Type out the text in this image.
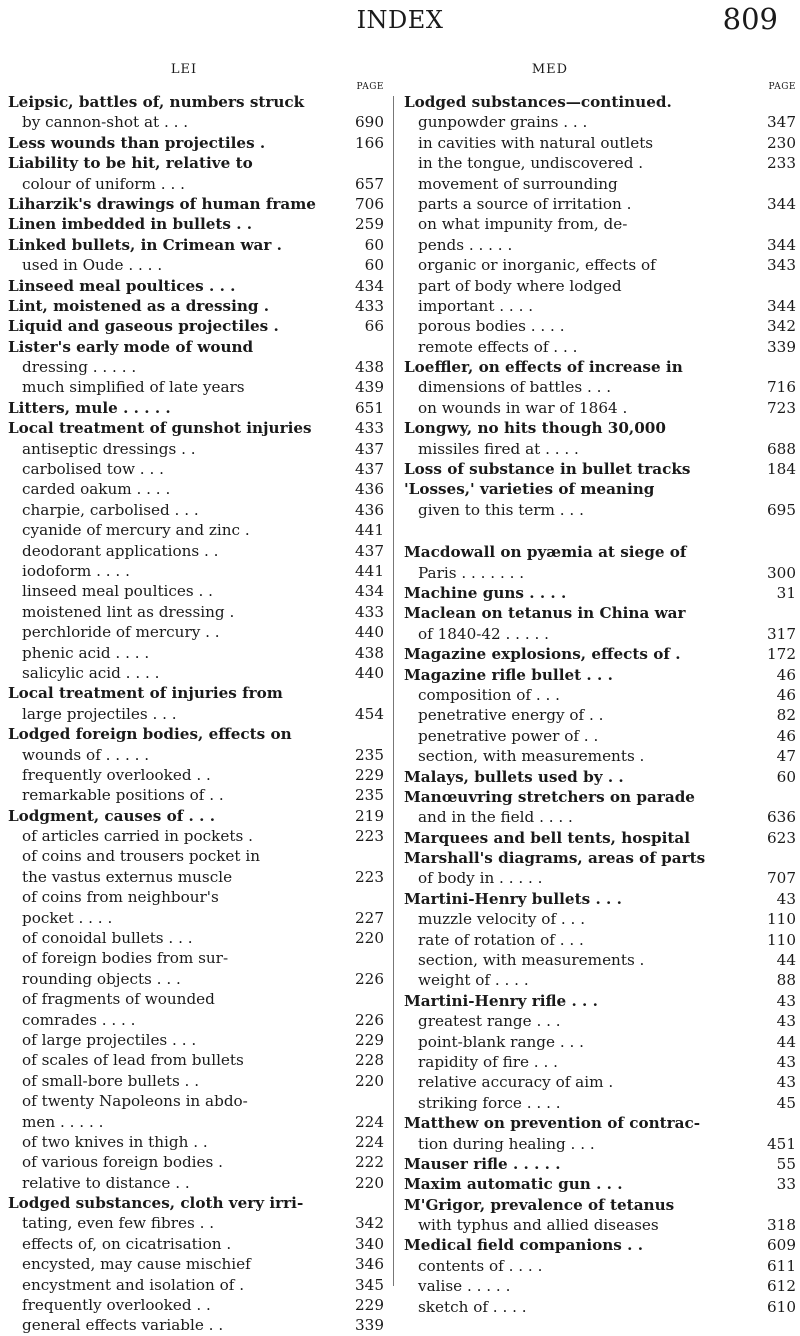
INDEX	809
LEI
PAGE
Leipsic, battles of, numbers struck
by cannon-shot at . . .	690
Less wounds than projectiles .	166
Liability to be hit, relative to
colour of uniform . . .	657
Liharzik's drawings of human frame	706
Linen imbedded in bullets . .	259
Linked bullets, in Crimean war .	60
used in Oude . . . .	60
Linseed meal poultices . . .	434
Lint, moistened as a dressing .	433
Liquid and gaseous projectiles .	66
Lister's early mode of wound
dressing . . . . .	438
much simplified of late years	439
Litters, mule . . . . .	651
Local treatment of gunshot injuries	433
antiseptic dressings . .	437
carbolised tow . . .	437
carded oakum . . . .	436
charpie, carbolised . . .	436
cyanide of mercury and zinc .	441
deodorant applications . .	437
iodoform . . . .	441
linseed meal poultices . .	434
moistened lint as dressing .	433
perchloride of mercury . .	440
phenic acid . . . .	438
salicylic acid . . . .	440
Local treatment of injuries from
large projectiles . . .	454
Lodged foreign bodies, effects on
wounds of . . . . .	235
frequently overlooked . .	229
remarkable positions of . .	235
Lodgment, causes of . . .	219
of articles carried in pockets .	223
of coins and trousers pocket in
the vastus externus muscle	223
of coins from neighbour's
pocket . . . .	227
of conoidal bullets . . .	220
of foreign bodies from sur-
rounding objects . . .	226
of fragments of wounded
comrades . . . .	226
of large projectiles . . .	229
of scales of lead from bullets	228
of small-bore bullets . .	220
of twenty Napoleons in abdo-
men . . . . .	224
of two knives in thigh . .	224
of various foreign bodies .	222
relative to distance . .	220
Lodged substances, cloth very irri-
tating, even few fibres . .	342
effects of, on cicatrisation .	340
encysted, may cause mischief	346
encystment and isolation of .	345
frequently overlooked . .	229
general effects variable . .	339
MED
PAGE
Lodged substances—continued.
gunpowder grains . . .	347
in cavities with natural outlets	230
in the tongue, undiscovered .	233
movement of surrounding
parts a source of irritation .	344
on what impunity from, de-
pends . . . . .	344
organic or inorganic, effects of	343
part of body where lodged
important . . . .	344
porous bodies . . . .	342
remote effects of . . .	339
Loeffler, on effects of increase in
dimensions of battles . . .	716
on wounds in war of 1864 .	723
Longwy, no hits though 30,000
missiles fired at . . . .	688
Loss of substance in bullet tracks	184
'Losses,' varieties of meaning
given to this term . . .	695
Macdowall on pyæmia at siege of
Paris . . . . . . .	300
Machine guns . . . .	31
Maclean on tetanus in China war
of 1840-42 . . . . .	317
Magazine explosions, effects of .	172
Magazine rifle bullet . . .	46
composition of . . .	46
penetrative energy of . .	82
penetrative power of . .	46
section, with measurements .	47
Malays, bullets used by . .	60
Manœuvring stretchers on parade
and in the field . . . .	636
Marquees and bell tents, hospital	623
Marshall's diagrams, areas of parts
of body in . . . . .	707
Martini-Henry bullets . . .	43
muzzle velocity of . . .	110
rate of rotation of . . .	110
section, with measurements .	44
weight of . . . .	88
Martini-Henry rifle . . .	43
greatest range . . .	43
point-blank range . . .	44
rapidity of fire . . .	43
relative accuracy of aim .	43
striking force . . . .	45
Matthew on prevention of contrac-
tion during healing . . .	451
Mauser rifle . . . . .	55
Maxim automatic gun . . .	33
M'Grigor, prevalence of tetanus
with typhus and allied diseases	318
Medical field companions . .	609
contents of . . . .	611
valise . . . . .	612
sketch of . . . .	610
